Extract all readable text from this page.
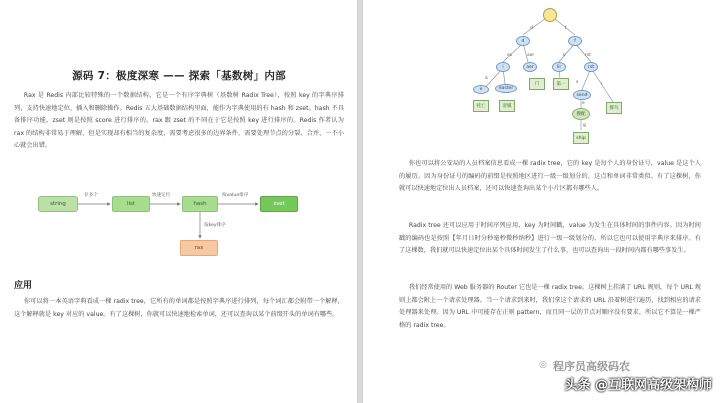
源码 7：极度深寒 —— 探索「基数树」内部
Rax 是 Redis 内部比较特殊的一个数据结构，它是一个有序字典树（基数树 Radix Tree），按照 key 的字典序排列，支持快速地定位、插入和删除操作。Redis 五大基础数据结构里面，能作为字典使用的有 hash 和 zset。hash 不具备排序功能，zset 则是按照 score 进行排序的。rax 跟 zset 的不同在于它是按照 key 进行排序的。Redis 作者认为 rax 的结构非常易于理解，但是实现却有相当的复杂度，需要考虑很多的边界条件，需要处理节点的分裂、合并，一不小心就会出错。
string	list	hash	zset
rax
存多个	快速定位	按value排序
按key排序
应用
你可以将一本英语字典看成一棵 radix tree，它所有的单词都是按照字典序进行排列，每个词汇都会附带一个解释，这个解释就是 key 对应的 value。有了这棵树，你就可以快速地检索单词，还可以查询以某个前缀开头的单词有哪些。
d	f
i	aer	lir	rst
e	easter
托亡	帝媒
门	第一
send
群鸟
搜配
ship
d	f
ex	aer	ir	rst
a
s	i
e
g
你也可以将公安局的人员档案信息看成一棵 radix tree，它的 key 是每个人的身份证号，value 是这个人的履历。因为身份证号的编码的前缀是按照地区进行一级一级划分的，这点和单词非常类似。有了这棵树，你就可以快速地定位出人员档案，还可以快速查询出某个小片区都有哪些人。
Radix tree 还可以应用于时间序列应用，key 为时间戳，value 为发生在具体时间的事件内容。因为时间戳的编码也是按照【年月日时分秒毫秒微秒纳秒】进行一级一级划分的，所以它也可以使用字典序来排序。有了这棵数，我们就可以快速定位出某个具体时间发生了什么事，也可以查询出一段时间内都有哪些事发生。
我们经常使用的 Web 服务器的 Router 它也是一棵 radix tree。这棵树上挂满了 URL 规则，每个 URL 规则上都会附上一个请求处理器。当一个请求到来时，我们拿这个请求的 URL 沿着树进行遍历，找到相应的请求处理器来处理。因为 URL 中可能存在正则 pattern，而且同一层的节点对顺序没有要求，所以它不算是一棵严格的 radix tree。
◎ 程序员高级码农
头条 @互联网高级架构师
